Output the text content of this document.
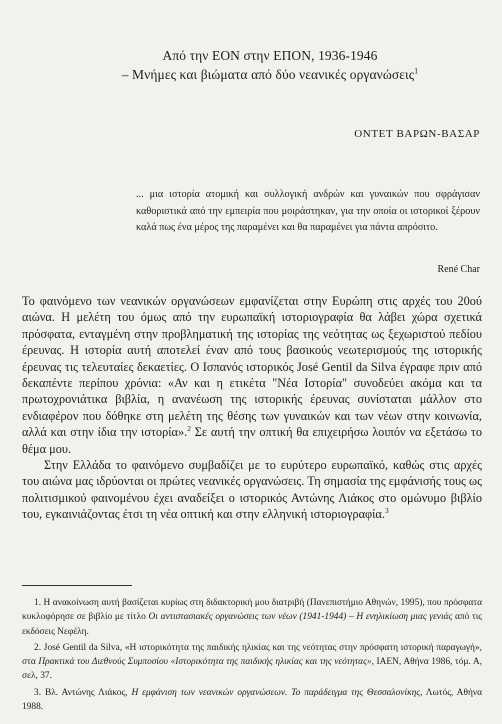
Από την ΕΟΝ στην ΕΠΟΝ, 1936-1946
– Μνήμες και βιώματα από δύο νεανικές οργανώσεις$^1$
ΟΝΤΕΤ ΒΑΡΩΝ-ΒΑΣΑΡ
... μια ιστορία ατομική και συλλογική ανδρών και γυναικών που σφράγισαν καθοριστικά από την εμπειρία που μοιράστηκαν, για την οποία οι ιστορικοί ξέρουν καλά πως ένα μέρος της παραμένει και θα παραμένει για πάντα απρόσιτο.
René Char

Το φαινόμενο των νεανικών οργανώσεων εμφανίζεται στην Ευρώπη στις αρχές του 20ού αιώνα. Η μελέτη του όμως από την ευρωπαϊκή ιστοριογραφία θα λάβει χώρα σχετικά πρόσφατα, ενταγμένη στην προβληματική της ιστορίας της νεότητας ως ξεχωριστού πεδίου έρευνας. Η ιστορία αυτή αποτελεί έναν από τους βασικούς νεωτερισμούς της ιστορικής έρευνας τις τελευταίες δεκαετίες. Ο Ισπανός ιστορικός José Gentil da Silva έγραφε πριν από δεκαπέντε περίπου χρόνια: «Αν και η ετικέτα "Νέα Ιστορία" συνοδεύει ακόμα και τα πρωτοχρονιάτικα βιβλία, η ανανέωση της ιστορικής έρευνας συνίσταται μάλλον στο ενδιαφέρον που δόθηκε στη μελέτη της θέσης των γυναικών και των νέων στην κοινωνία, αλλά και στην ίδια την ιστορία».$^2$ Σε αυτή την οπτική θα επιχειρήσω λοιπόν να εξετάσω το θέμα μου.

Στην Ελλάδα το φαινόμενο συμβαδίζει με το ευρύτερο ευρωπαϊκό, καθώς στις αρχές του αιώνα μας ιδρύονται οι πρώτες νεανικές οργανώσεις. Τη σημασία της εμφάνισής τους ως πολιτισμικού φαινομένου έχει αναδείξει ο ιστορικός Αντώνης Λιάκος στο ομώνυμο βιβλίο του, εγκαινιάζοντας έτσι τη νέα οπτική και στην ελληνική ιστοριογραφία.$^3$

1. Η ανακοίνωση αυτή βασίζεται κυρίως στη διδακτορική μου διατριβή (Πανεπιστήμιο Αθηνών, 1995), που πρόσφατα κυκλοφόρησε σε βιβλίο με τίτλο Οι αντιστασιακές οργανώσεις των νέων (1941-1944) – Η ενηλικίωση μιας γενιάς από τις εκδόσεις Νεφέλη.

2. José Gentil da Silva, «Η ιστορικότητα της παιδικής ηλικίας και της νεότητας στην πρόσφατη ιστορική παραγωγή», στα Πρακτικά του Διεθνούς Συμποσίου «Ιστορικότητα της παιδικής ηλικίας και της νεότητας», ΙΑΕΝ, Αθήνα 1986, τόμ. Α, σελ, 37.

3. Βλ. Αντώνης Λιάκος, Η εμφάνιση των νεανικών οργανώσεων. Το παράδειγμα της Θεσσαλονίκης, Λωτός, Αθήνα 1988.
